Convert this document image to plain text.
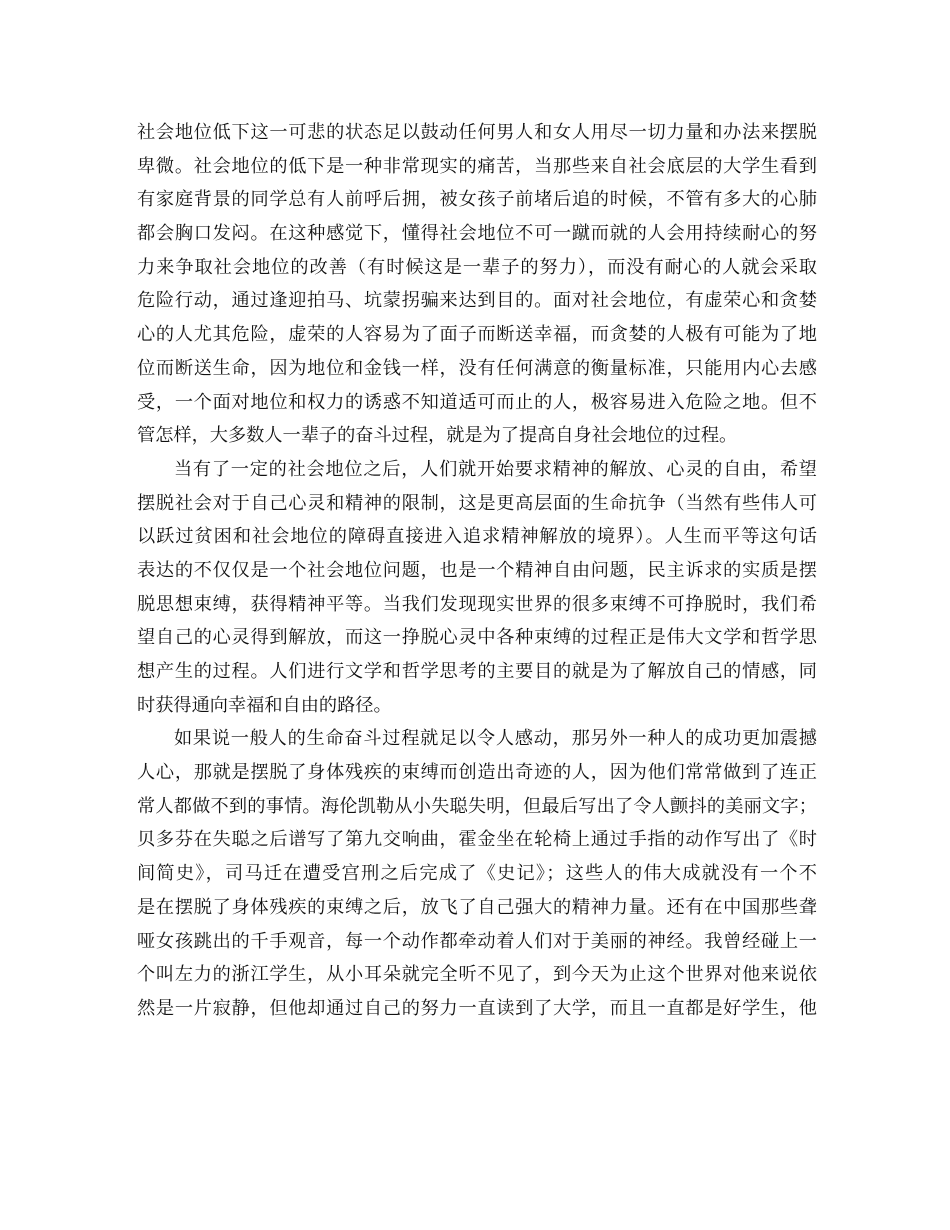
社会地位低下这一可悲的状态足以鼓动任何男人和女人用尽一切力量和办法来摆脱
卑微。社会地位的低下是一种非常现实的痛苦，当那些来自社会底层的大学生看到
有家庭背景的同学总有人前呼后拥，被女孩子前堵后追的时候，不管有多大的心肺
都会胸口发闷。在这种感觉下，懂得社会地位不可一蹴而就的人会用持续耐心的努
力来争取社会地位的改善（有时候这是一辈子的努力），而没有耐心的人就会采取
危险行动，通过逢迎拍马、坑蒙拐骗来达到目的。面对社会地位，有虚荣心和贪婪
心的人尤其危险，虚荣的人容易为了面子而断送幸福，而贪婪的人极有可能为了地
位而断送生命，因为地位和金钱一样，没有任何满意的衡量标准，只能用内心去感
受，一个面对地位和权力的诱惑不知道适可而止的人，极容易进入危险之地。但不
管怎样，大多数人一辈子的奋斗过程，就是为了提高自身社会地位的过程。
当有了一定的社会地位之后，人们就开始要求精神的解放、心灵的自由，希望
摆脱社会对于自己心灵和精神的限制，这是更高层面的生命抗争（当然有些伟人可
以跃过贫困和社会地位的障碍直接进入追求精神解放的境界）。人生而平等这句话
表达的不仅仅是一个社会地位问题，也是一个精神自由问题，民主诉求的实质是摆
脱思想束缚，获得精神平等。当我们发现现实世界的很多束缚不可挣脱时，我们希
望自己的心灵得到解放，而这一挣脱心灵中各种束缚的过程正是伟大文学和哲学思
想产生的过程。人们进行文学和哲学思考的主要目的就是为了解放自己的情感，同
时获得通向幸福和自由的路径。
如果说一般人的生命奋斗过程就足以令人感动，那另外一种人的成功更加震撼
人心，那就是摆脱了身体残疾的束缚而创造出奇迹的人，因为他们常常做到了连正
常人都做不到的事情。海伦凯勒从小失聪失明，但最后写出了令人颤抖的美丽文字；
贝多芬在失聪之后谱写了第九交响曲，霍金坐在轮椅上通过手指的动作写出了《时
间简史》，司马迁在遭受宫刑之后完成了《史记》；这些人的伟大成就没有一个不
是在摆脱了身体残疾的束缚之后，放飞了自己强大的精神力量。还有在中国那些聋
哑女孩跳出的千手观音，每一个动作都牵动着人们对于美丽的神经。我曾经碰上一
个叫左力的浙江学生，从小耳朵就完全听不见了，到今天为止这个世界对他来说依
然是一片寂静，但他却通过自己的努力一直读到了大学，而且一直都是好学生，他
